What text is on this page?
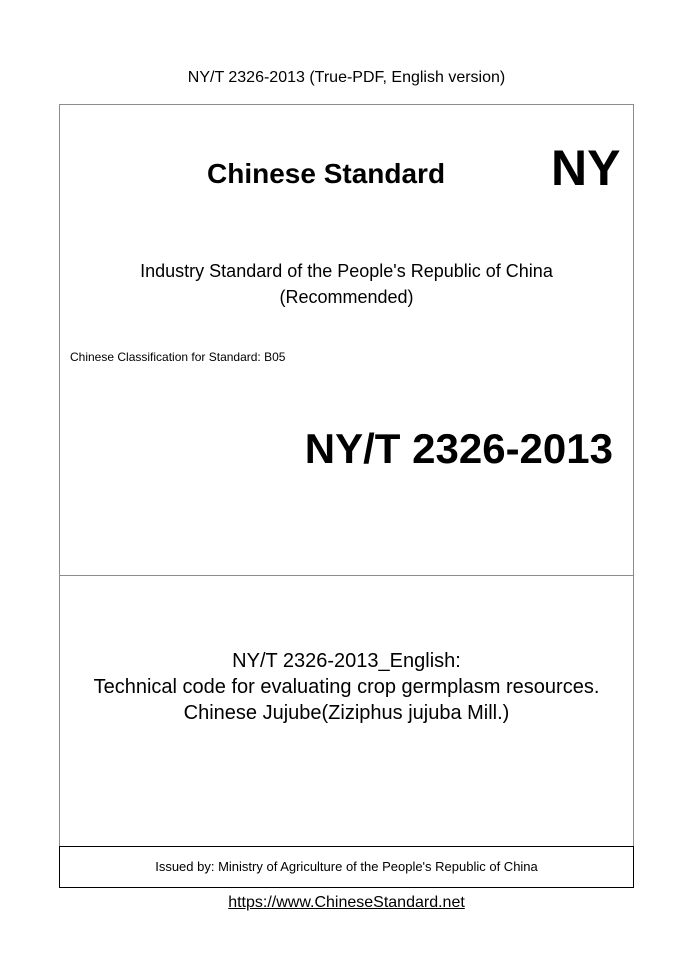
NY/T 2326-2013 (True-PDF, English version)
Chinese Standard NY
Industry Standard of the People's Republic of China
(Recommended)
Chinese Classification for Standard: B05
NY/T 2326-2013
NY/T 2326-2013_English:
Technical code for evaluating crop germplasm resources.
Chinese Jujube(Ziziphus jujuba Mill.)
Issued by: Ministry of Agriculture of the People's Republic of China
https://www.ChineseStandard.net
